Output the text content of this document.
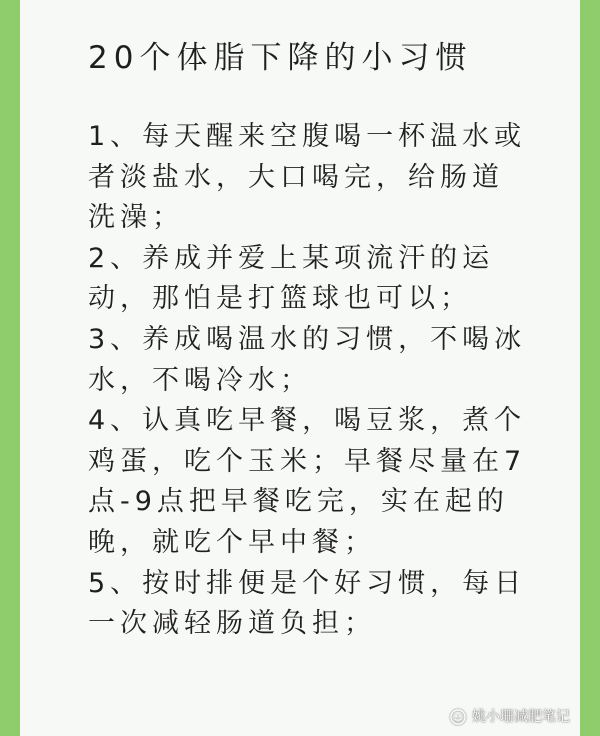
20个体脂下降的小习惯

1、每天醒来空腹喝一杯温水或者淡盐水，大口喝完，给肠道洗澡；

2、养成并爱上某项流汗的运动，那怕是打篮球也可以；

3、养成喝温水的习惯，不喝冰水，不喝冷水；

4、认真吃早餐，喝豆浆，煮个鸡蛋，吃个玉米；早餐尽量在7点-9点把早餐吃完，实在起的晚，就吃个早中餐；

5、按时排便是个好习惯，每日一次减轻肠道负担；

姚小珊减肥笔记
